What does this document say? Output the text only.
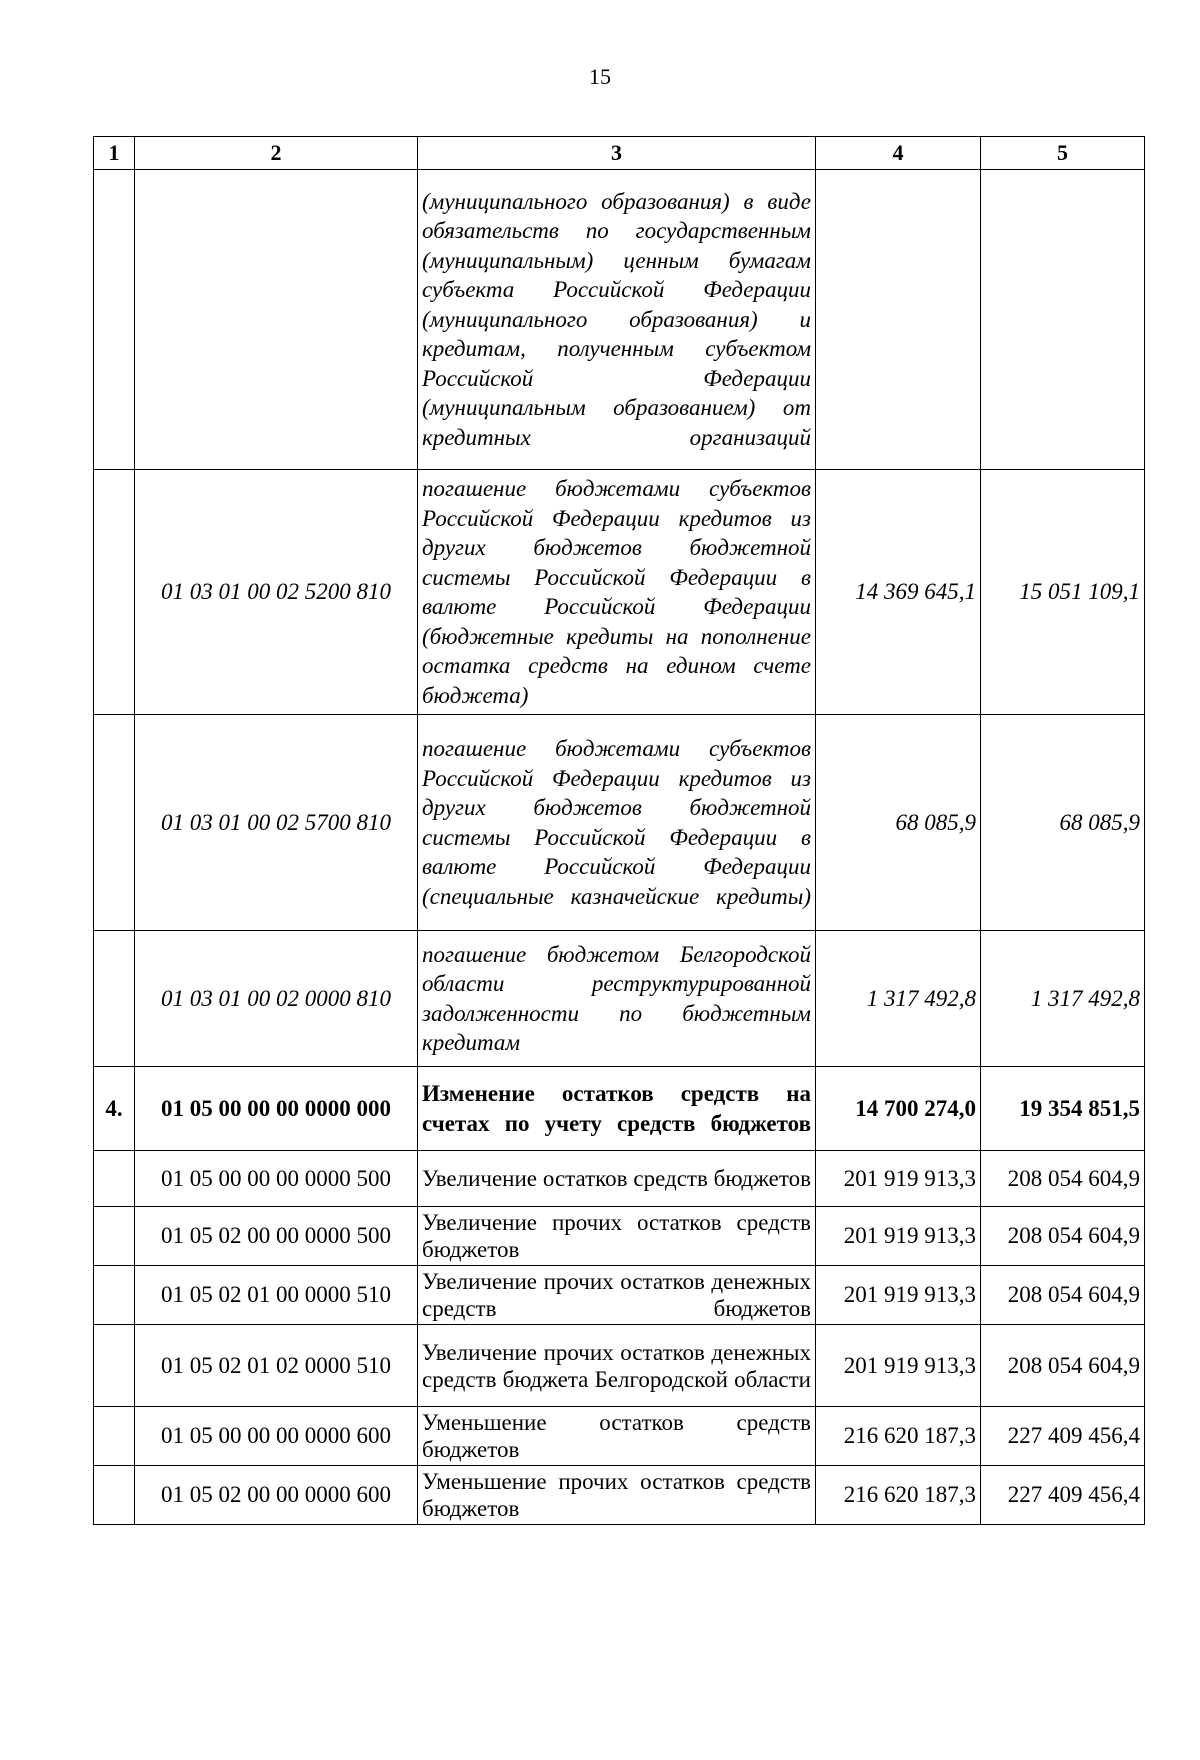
15
1	2	3	4	5
		(муниципального образования) в виде обязательств по государственным (муниципальным) ценным бумагам субъекта Российской Федерации (муниципального образования) и кредитам, полученным субъектом Российской Федерации (муниципальным образованием) от кредитных организаций		
	01 03 01 00 02 5200 810	погашение бюджетами субъектов Российской Федерации кредитов из других бюджетов бюджетной системы Российской Федерации в валюте Российской Федерации (бюджетные кредиты на пополнение остатка средств на едином счете бюджета)	14 369 645,1	15 051 109,1
	01 03 01 00 02 5700 810	погашение бюджетами субъектов Российской Федерации кредитов из других бюджетов бюджетной системы Российской Федерации в валюте Российской Федерации (специальные казначейские кредиты)	68 085,9	68 085,9
	01 03 01 00 02 0000 810	погашение бюджетом Белгородской области реструктурированной задолженности по бюджетным кредитам	1 317 492,8	1 317 492,8
4.	01 05 00 00 00 0000 000	Изменение остатков средств на счетах по учету средств бюджетов	14 700 274,0	19 354 851,5
	01 05 00 00 00 0000 500	Увеличение остатков средств бюджетов	201 919 913,3	208 054 604,9
	01 05 02 00 00 0000 500	Увеличение прочих остатков средств бюджетов	201 919 913,3	208 054 604,9
	01 05 02 01 00 0000 510	Увеличение прочих остатков денежных средств бюджетов	201 919 913,3	208 054 604,9
	01 05 02 01 02 0000 510	Увеличение прочих остатков денежных средств бюджета Белгородской области	201 919 913,3	208 054 604,9
	01 05 00 00 00 0000 600	Уменьшение остатков средств бюджетов	216 620 187,3	227 409 456,4
	01 05 02 00 00 0000 600	Уменьшение прочих остатков средств бюджетов	216 620 187,3	227 409 456,4
